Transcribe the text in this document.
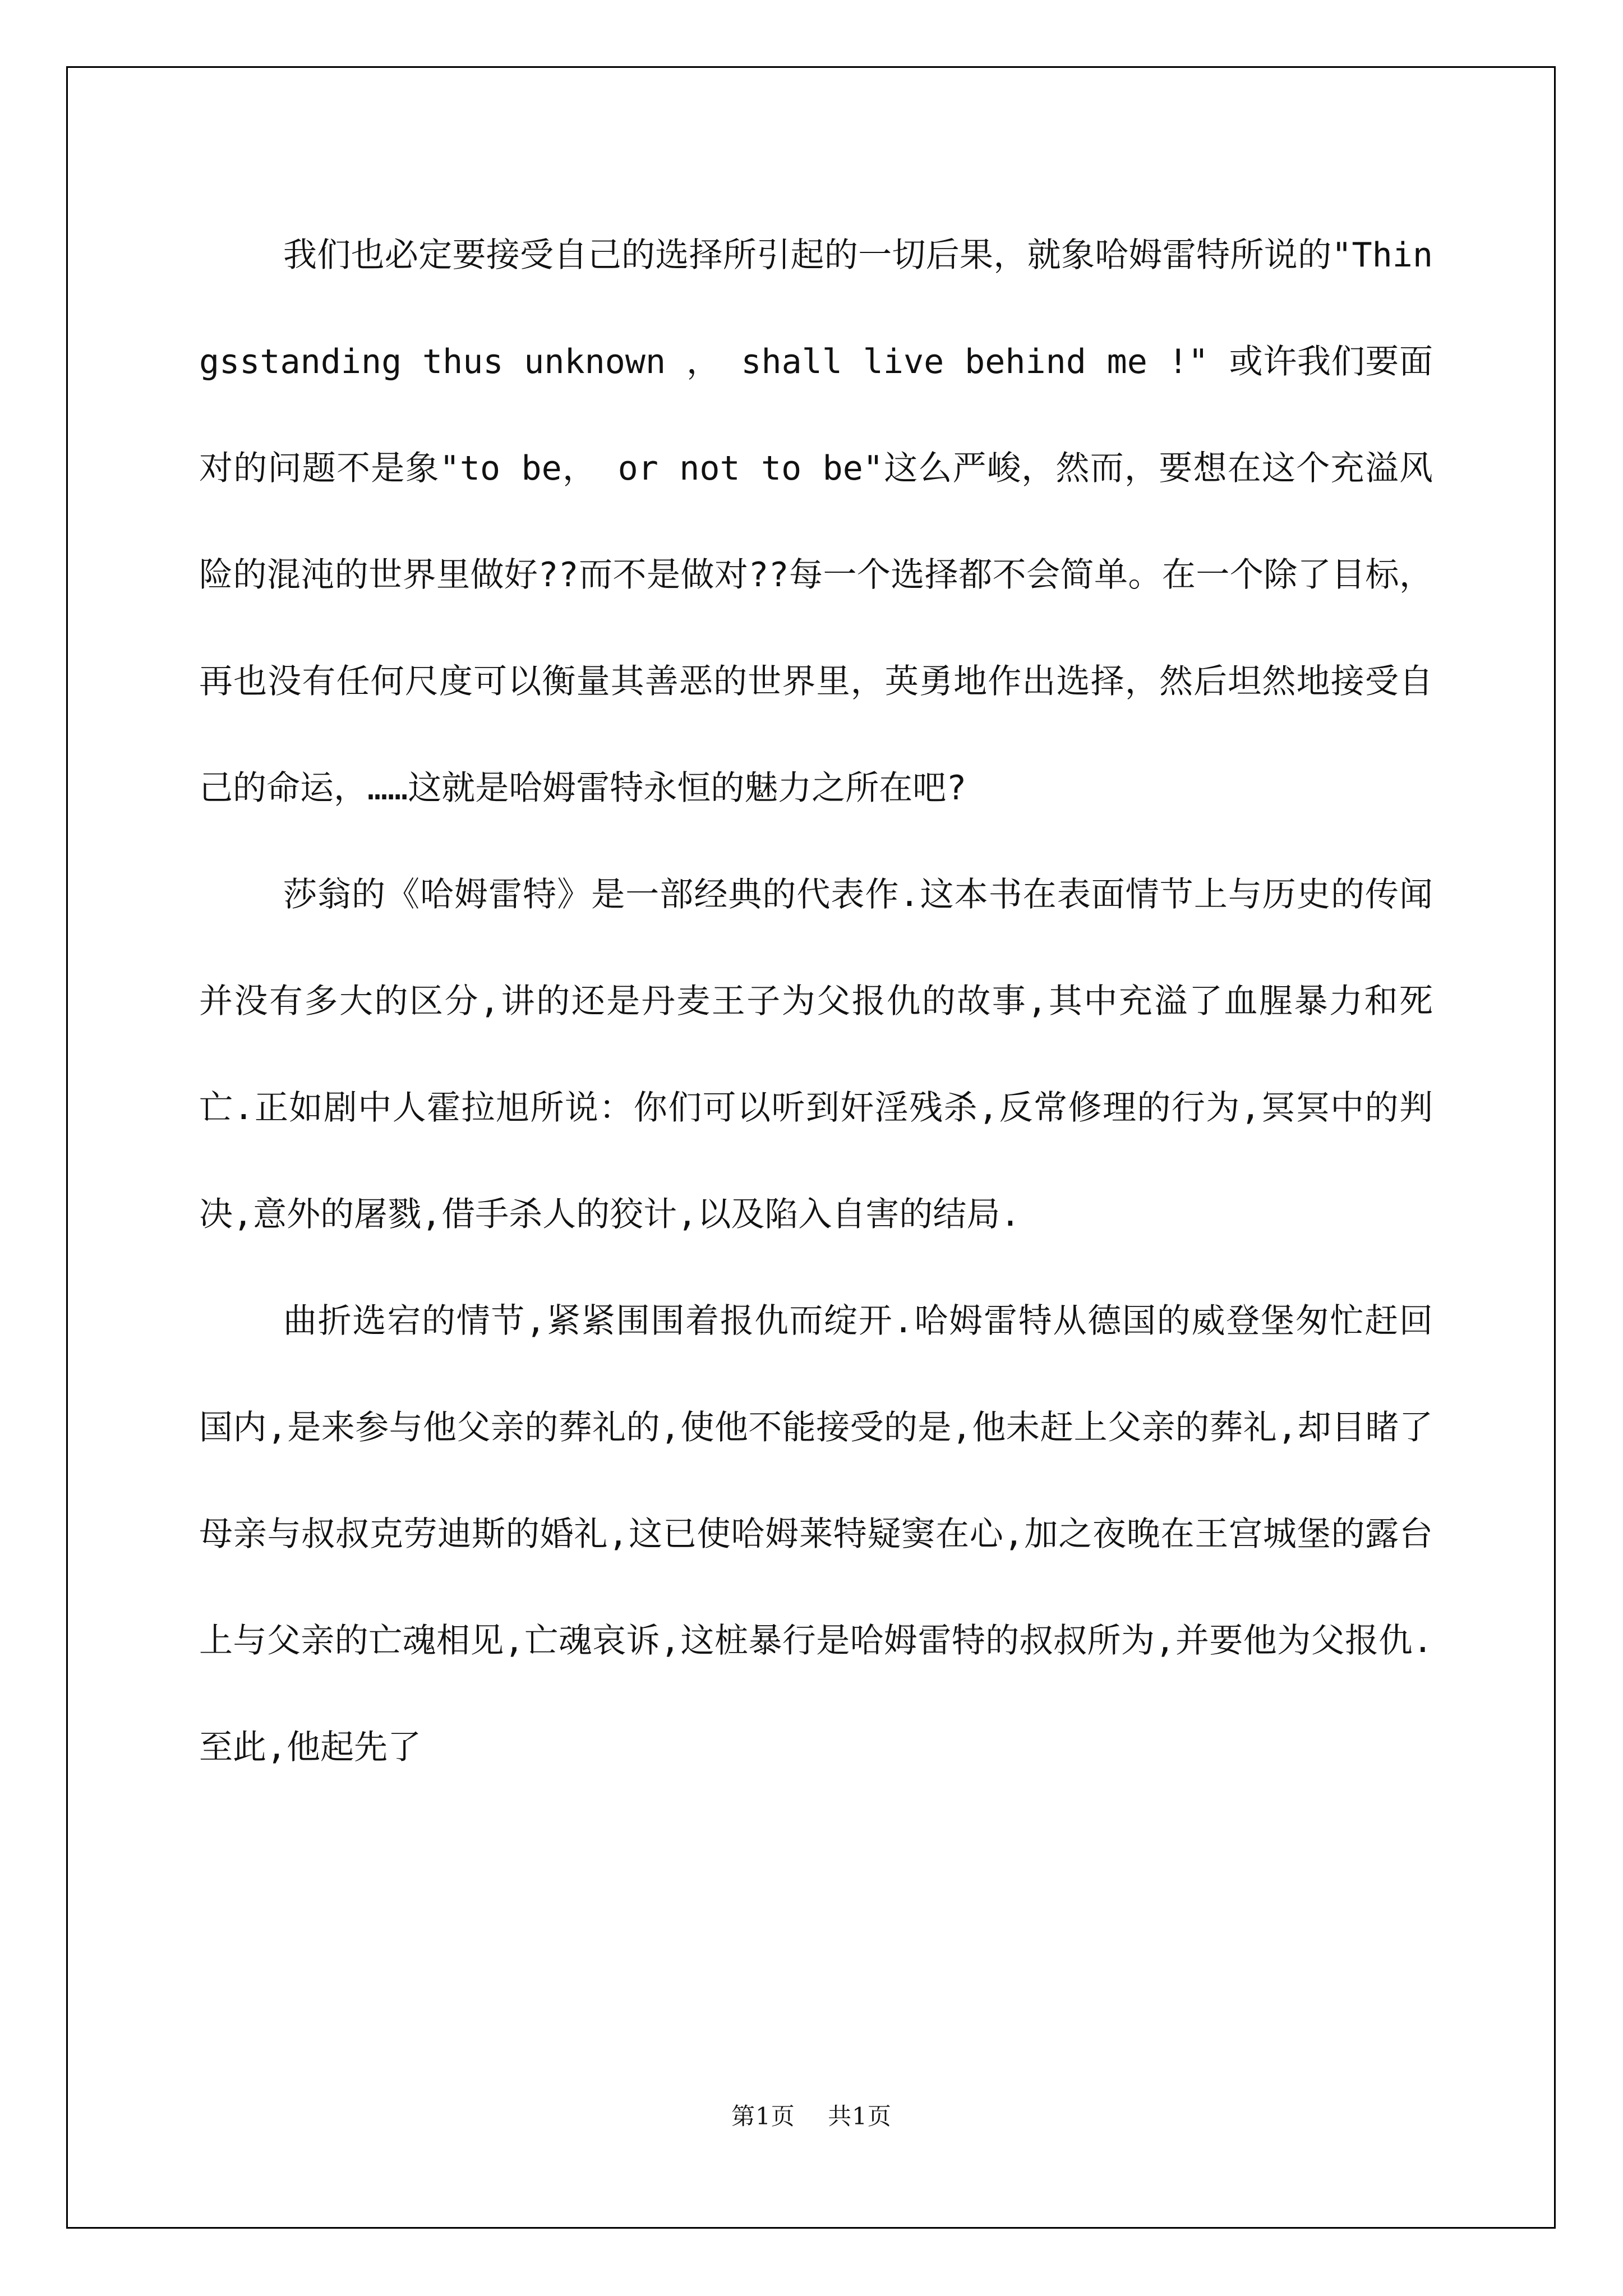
我们也必定要接受自己的选择所引起的一切后果，就象哈姆雷特所说的"Thingsstanding thus unknown ， shall live behind me !" 或许我们要面对的问题不是象"to be， or not to be"这么严峻，然而，要想在这个充溢风险的混沌的世界里做好??而不是做对??每一个选择都不会简单。在一个除了目标，再也没有任何尺度可以衡量其善恶的世界里，英勇地作出选择，然后坦然地接受自己的命运，……这就是哈姆雷特永恒的魅力之所在吧?

莎翁的《哈姆雷特》是一部经典的代表作.这本书在表面情节上与历史的传闻并没有多大的区分,讲的还是丹麦王子为父报仇的故事,其中充溢了血腥暴力和死亡.正如剧中人霍拉旭所说：你们可以听到奸淫残杀,反常修理的行为,冥冥中的判决,意外的屠戮,借手杀人的狡计,以及陷入自害的结局.

曲折选宕的情节,紧紧围围着报仇而绽开.哈姆雷特从德国的威登堡匆忙赶回国内,是来参与他父亲的葬礼的,使他不能接受的是,他未赶上父亲的葬礼,却目睹了母亲与叔叔克劳迪斯的婚礼,这已使哈姆莱特疑窦在心,加之夜晚在王宫城堡的露台上与父亲的亡魂相见,亡魂哀诉,这桩暴行是哈姆雷特的叔叔所为,并要他为父报仇.至此,他起先了

第1页 共1页
